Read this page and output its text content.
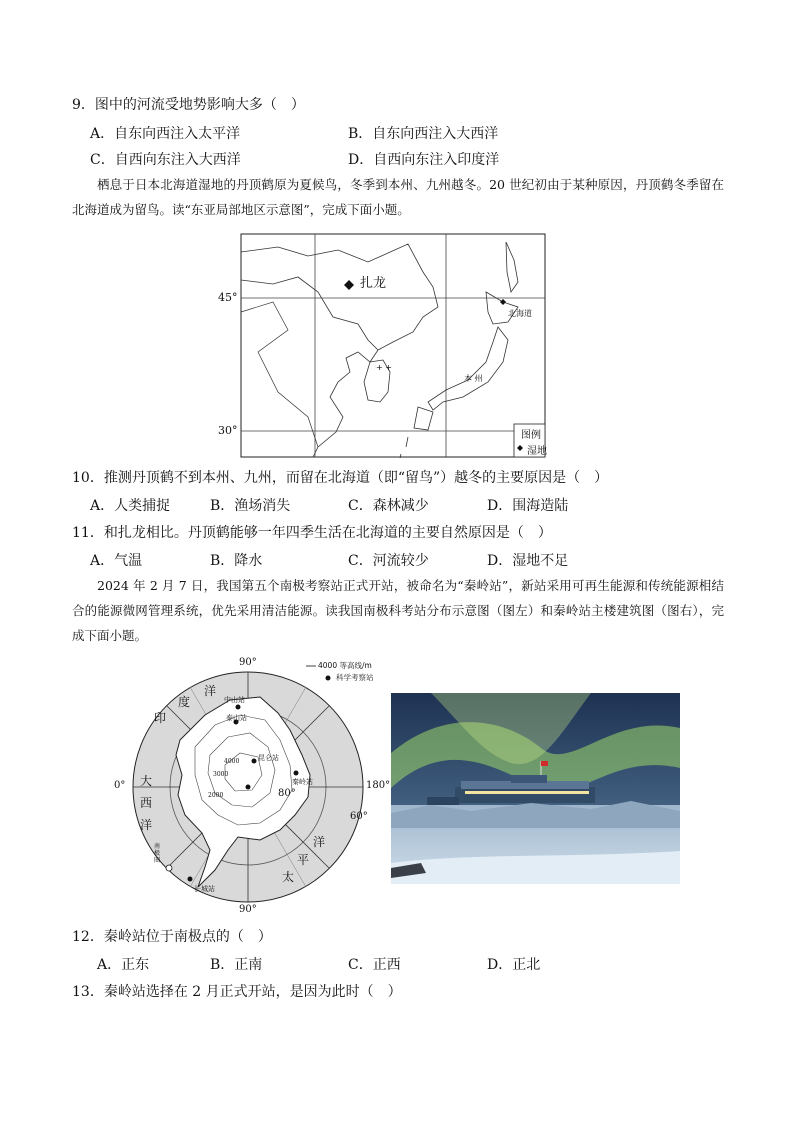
9．图中的河流受地势影响大多（　）
A．自东向西注入太平洋	B．自东向西注入大西洋
C．自西向东注入大西洋	D．自西向东注入印度洋
栖息于日本北海道湿地的丹顶鹤原为夏候鸟，冬季到本州、九州越冬。20 世纪初由于某种原因，丹顶鹤冬季留在北海道成为留鸟。读“东亚局部地区示意图”，完成下面小题。
+ +
45°
30°
扎龙
北海道
本 州
图例
湿地
10．推测丹顶鹤不到本州、九州，而留在北海道（即“留鸟”）越冬的主要原因是（　）
A．人类捕捉	B．渔场消失	C．森林减少	D．围海造陆
11．和扎龙相比。丹顶鹤能够一年四季生活在北海道的主要自然原因是（　）
A．气温	B．降水	C．河流较少	D．湿地不足
2024 年 2 月 7 日，我国第五个南极考察站正式开站，被命名为“秦岭站”，新站采用可再生能源和传统能源相结合的能源微网管理系统，优先采用清洁能源。读我国南极科考站分布示意图（图左）和秦岭站主楼建筑图（图右），完成下面小题。
4000 等高线/m
科学考察站
90°
90°
0°	180°
60°
80°
4000
3000
2000
印
度
洋
大
西
洋
太
平
洋
中山站
泰山站
昆仑站
秦岭站
长城站
南极圈
12．秦岭站位于南极点的（　）
A．正东	B．正南	C．正西	D．正北
13．秦岭站选择在 2 月正式开站，是因为此时（　）
